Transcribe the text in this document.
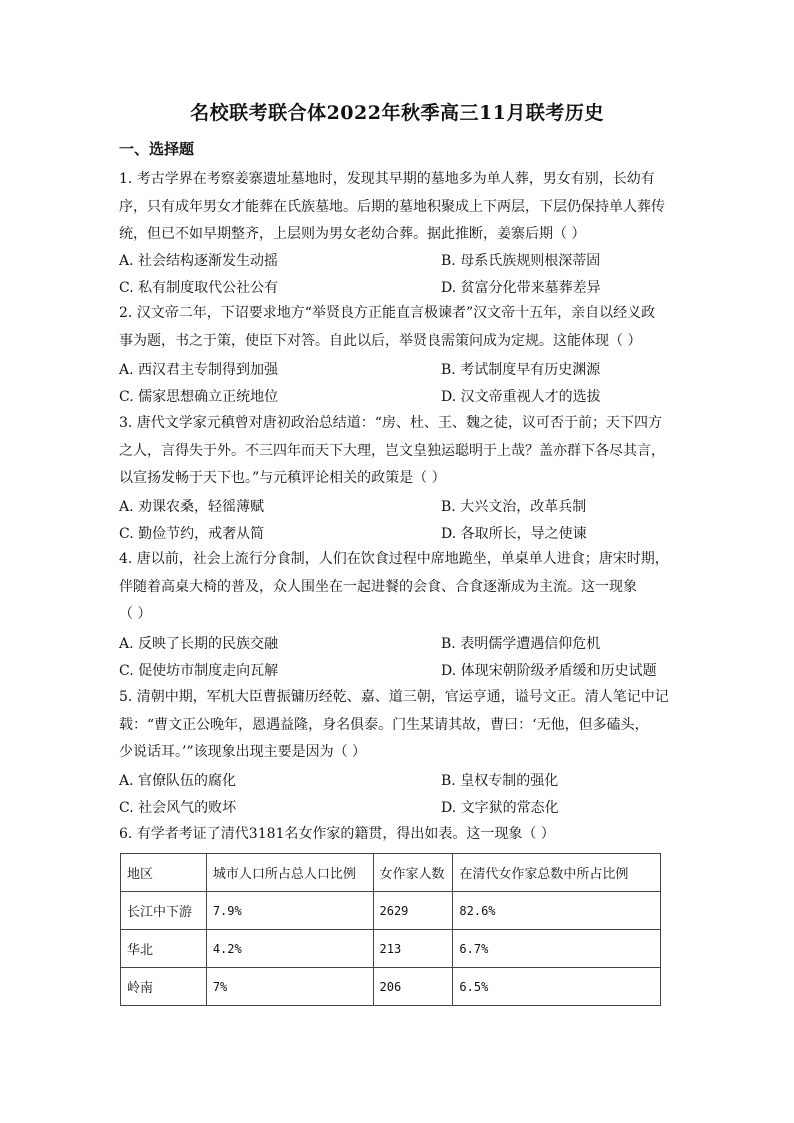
名校联考联合体2022年秋季高三11月联考历史
一、选择题
1. 考古学界在考察姜寨遗址墓地时，发现其早期的墓地多为单人葬，男女有别，长幼有
序，只有成年男女才能葬在氏族墓地。后期的墓地积聚成上下两层，下层仍保持单人葬传
统，但已不如早期整齐，上层则为男女老幼合葬。据此推断，姜寨后期（ ）
A. 社会结构逐渐发生动摇	B. 母系氏族规则根深蒂固
C. 私有制度取代公社公有	D. 贫富分化带来墓葬差异
2. 汉文帝二年，下诏要求地方“举贤良方正能直言极谏者”汉文帝十五年，亲自以经义政
事为题，书之于策，使臣下对答。自此以后，举贤良需策问成为定规。这能体现（ ）
A. 西汉君主专制得到加强	B. 考试制度早有历史渊源
C. 儒家思想确立正统地位	D. 汉文帝重视人才的选拔
3. 唐代文学家元稹曾对唐初政治总结道：“房、杜、王、魏之徒，议可否于前；天下四方
之人，言得失于外。不三四年而天下大理，岂文皇独运聪明于上哉？盖亦群下各尽其言，
以宣扬发畅于天下也。”与元稹评论相关的政策是（ ）
A. 劝课农桑，轻徭薄赋	B. 大兴文治，改革兵制
C. 勤俭节约，戒奢从简	D. 各取所长，导之使谏
4. 唐以前，社会上流行分食制，人们在饮食过程中席地跪坐，单桌单人进食；唐宋时期，
伴随着高桌大椅的普及，众人围坐在一起进餐的会食、合食逐渐成为主流。这一现象
（ ）
A. 反映了长期的民族交融	B. 表明儒学遭遇信仰危机
C. 促使坊市制度走向瓦解	D. 体现宋朝阶级矛盾缓和历史试题
5. 清朝中期，军机大臣曹振镛历经乾、嘉、道三朝，官运亨通，谥号文正。清人笔记中记
载：“曹文正公晚年，恩遇益隆，身名俱泰。门生某请其故，曹曰：‘无他，但多磕头，
少说话耳。’”该现象出现主要是因为（ ）
A. 官僚队伍的腐化	B. 皇权专制的强化
C. 社会风气的败坏	D. 文字狱的常态化
6. 有学者考证了清代3181名女作家的籍贯，得出如表。这一现象（ ）
地区	城市人口所占总人口比例	女作家人数	在清代女作家总数中所占比例
长江中下游	7.9%	2629	82.6%
华北	4.2%	213	6.7%
岭南	7%	206	6.5%
